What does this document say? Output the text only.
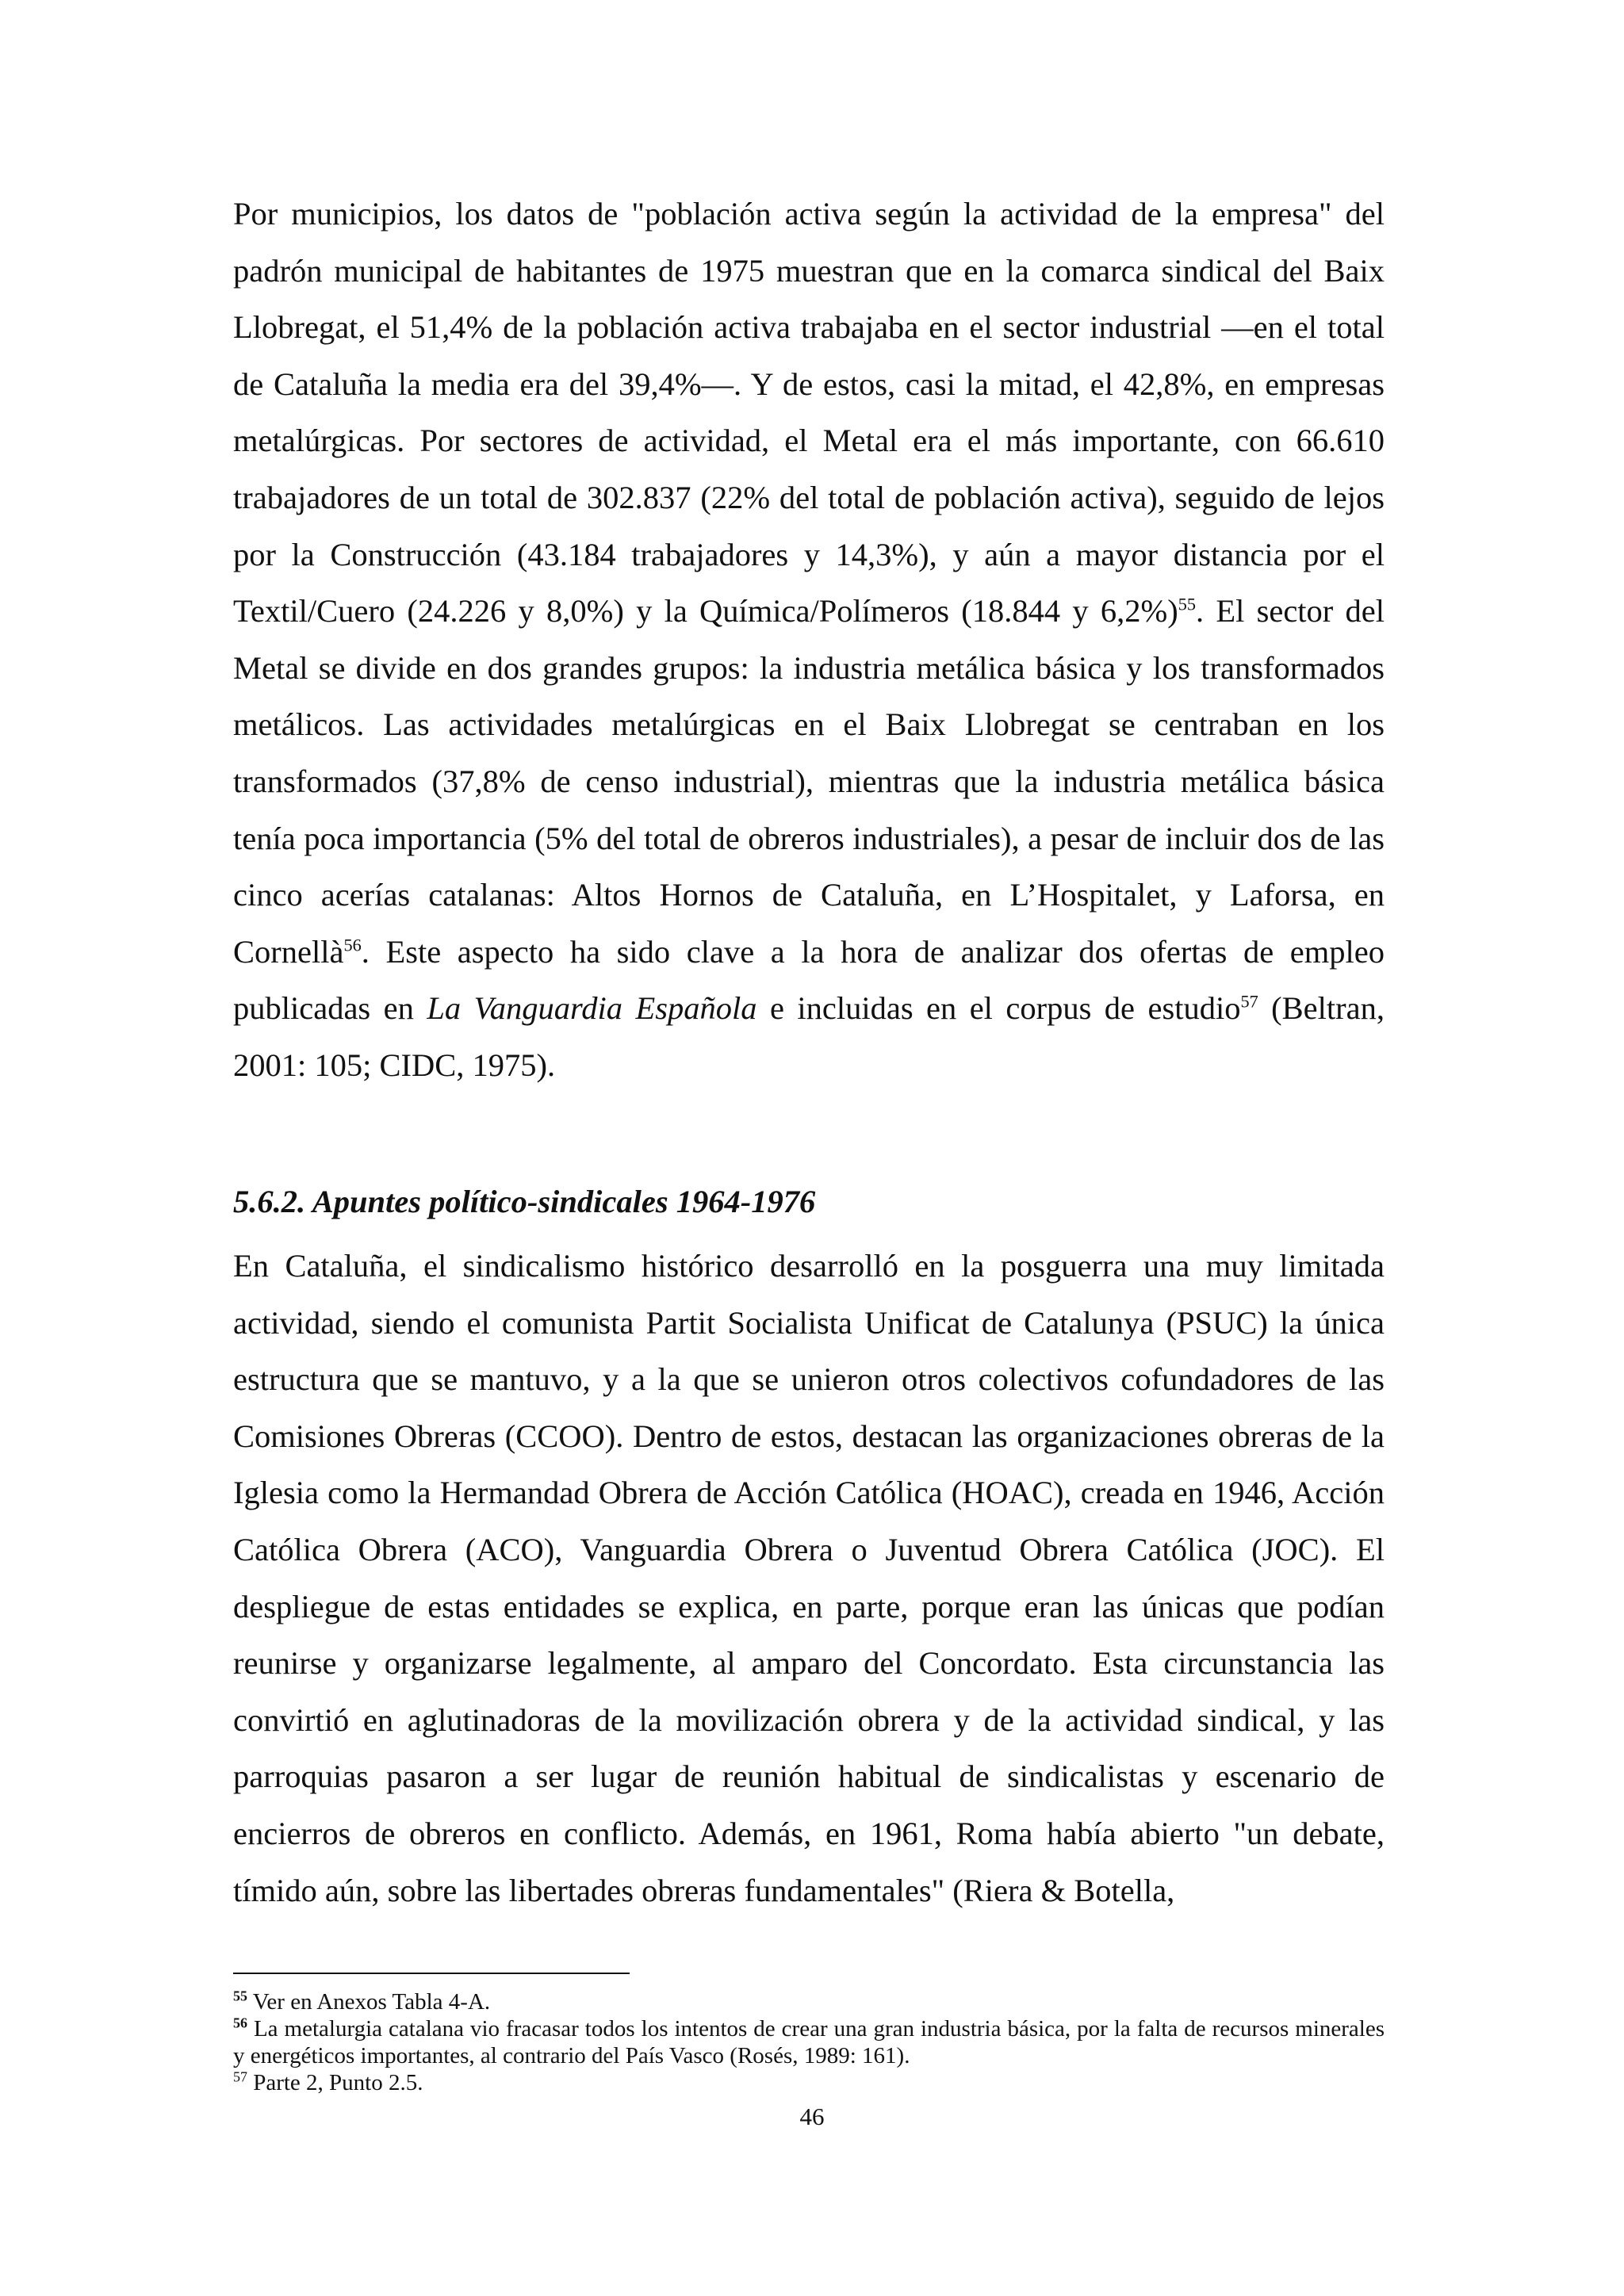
Por municipios, los datos de "población activa según la actividad de la empresa" del padrón municipal de habitantes de 1975 muestran que en la comarca sindical del Baix Llobregat, el 51,4% de la población activa trabajaba en el sector industrial —en el total de Cataluña la media era del 39,4%—. Y de estos, casi la mitad, el 42,8%, en empresas metalúrgicas. Por sectores de actividad, el Metal era el más importante, con 66.610 trabajadores de un total de 302.837 (22% del total de población activa), seguido de lejos por la Construcción (43.184 trabajadores y 14,3%), y aún a mayor distancia por el Textil/Cuero (24.226 y 8,0%) y la Química/Polímeros (18.844 y 6,2%)$^{55}$. El sector del Metal se divide en dos grandes grupos: la industria metálica básica y los transformados metálicos. Las actividades metalúrgicas en el Baix Llobregat se centraban en los transformados (37,8% de censo industrial), mientras que la industria metálica básica tenía poca importancia (5% del total de obreros industriales), a pesar de incluir dos de las cinco acerías catalanas: Altos Hornos de Cataluña, en L’Hospitalet, y Laforsa, en Cornellà$^{56}$. Este aspecto ha sido clave a la hora de analizar dos ofertas de empleo publicadas en La Vanguardia Española e incluidas en el corpus de estudio$^{57}$ (Beltran, 2001: 105; CIDC, 1975).

5.6.2. Apuntes político-sindicales 1964-1976

En Cataluña, el sindicalismo histórico desarrolló en la posguerra una muy limitada actividad, siendo el comunista Partit Socialista Unificat de Catalunya (PSUC) la única estructura que se mantuvo, y a la que se unieron otros colectivos cofundadores de las Comisiones Obreras (CCOO). Dentro de estos, destacan las organizaciones obreras de la Iglesia como la Hermandad Obrera de Acción Católica (HOAC), creada en 1946, Acción Católica Obrera (ACO), Vanguardia Obrera o Juventud Obrera Católica (JOC). El despliegue de estas entidades se explica, en parte, porque eran las únicas que podían reunirse y organizarse legalmente, al amparo del Concordato. Esta circunstancia las convirtió en aglutinadoras de la movilización obrera y de la actividad sindical, y las parroquias pasaron a ser lugar de reunión habitual de sindicalistas y escenario de encierros de obreros en conflicto. Además, en 1961, Roma había abierto "un debate, tímido aún, sobre las libertades obreras fundamentales" (Riera & Botella,

$^{55}$ Ver en Anexos Tabla 4-A.

$^{56}$ La metalurgia catalana vio fracasar todos los intentos de crear una gran industria básica, por la falta de recursos minerales y energéticos importantes, al contrario del País Vasco (Rosés, 1989: 161).

$^{57}$ Parte 2, Punto 2.5.

46
